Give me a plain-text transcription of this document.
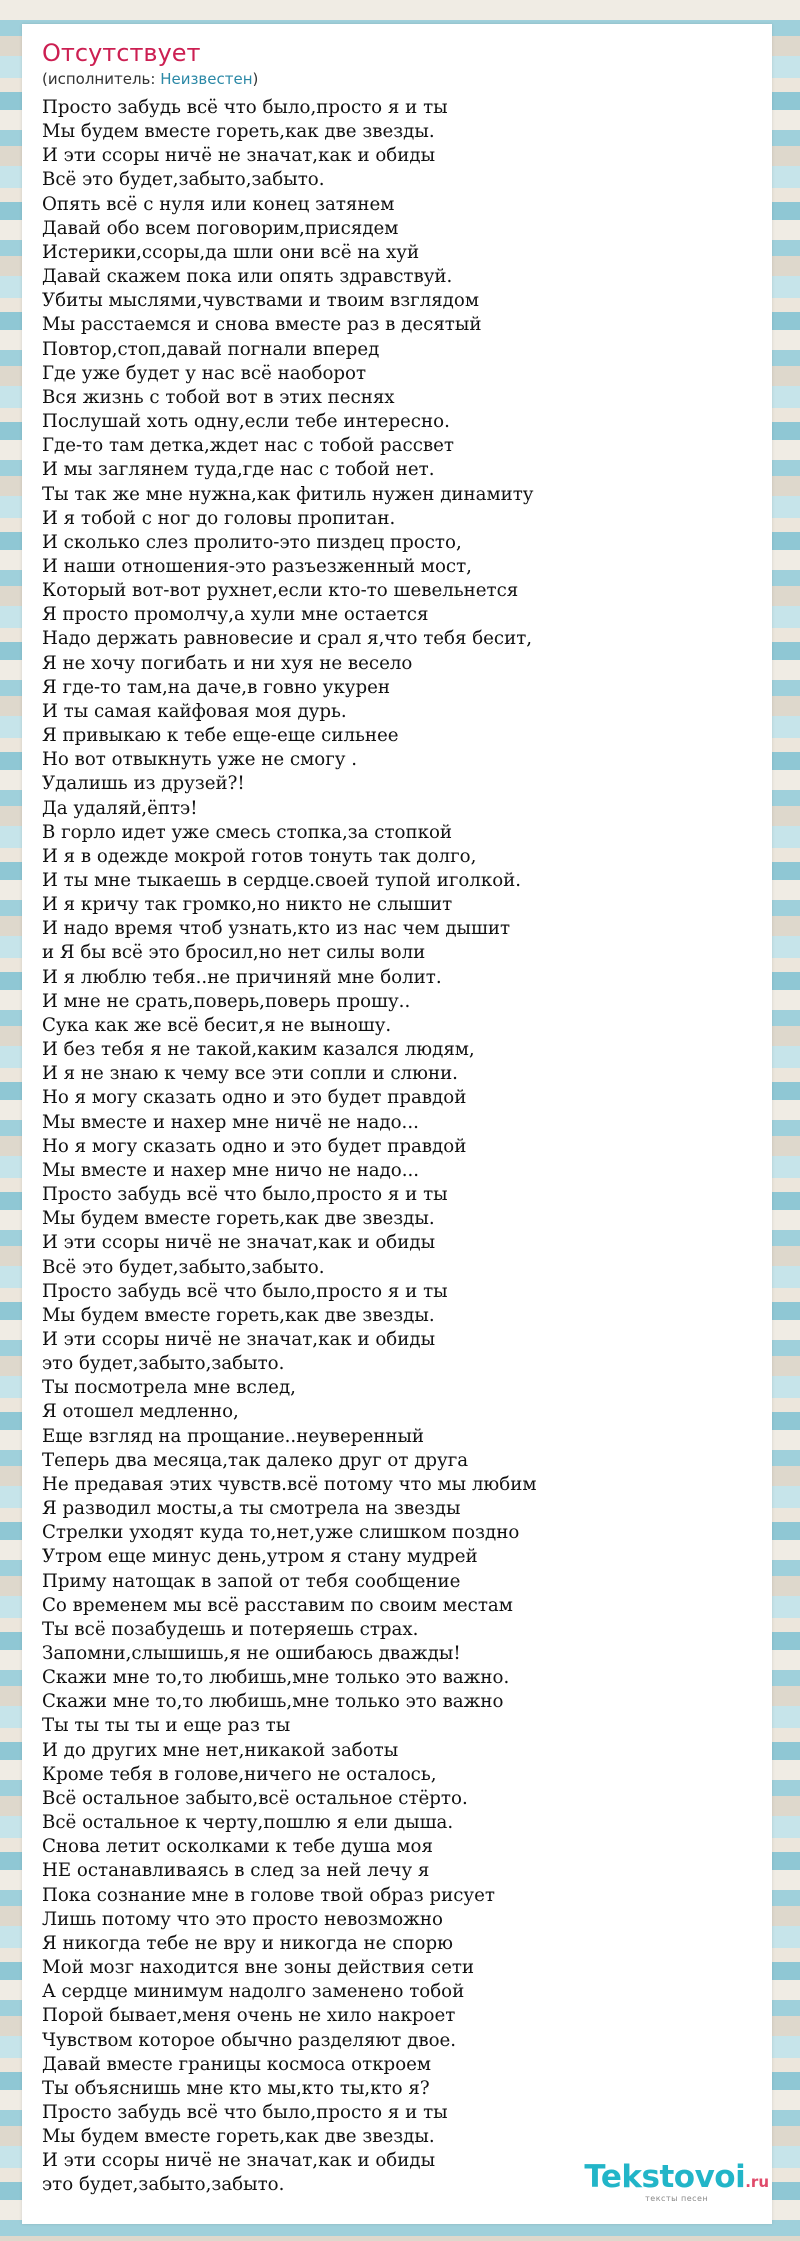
Отсутствует
(исполнитель: Неизвестен)
Просто забудь всё что было,просто я и ты
Мы будем вместе гореть,как две звезды.
И эти ссоры ничё не значат,как и обиды
Всё это будет,забыто,забыто.
Опять всё с нуля или конец затянем
Давай обо всем поговорим,присядем
Истерики,ссоры,да шли они всё на хуй
Давай скажем пока или опять здравствуй.
Убиты мыслями,чувствами и твоим взглядом
Мы расстаемся и снова вместе раз в десятый
Повтор,стоп,давай погнали вперед
Где уже будет у нас всё наоборот
Вся жизнь с тобой вот в этих песнях
Послушай хоть одну,если тебе интересно.
Где-то там детка,ждет нас с тобой рассвет
И мы заглянем туда,где нас с тобой нет.
Ты так же мне нужна,как фитиль нужен динамиту
И я тобой с ног до головы пропитан.
И сколько слез пролито-это пиздец просто,
И наши отношения-это разъезженный мост,
Который вот-вот рухнет,если кто-то шевельнется
Я просто промолчу,а хули мне остается
Надо держать равновесие и срал я,что тебя бесит,
Я не хочу погибать и ни хуя не весело
Я где-то там,на даче,в говно укурен
И ты самая кайфовая моя дурь.
Я привыкаю к тебе еще-еще сильнее
Но вот отвыкнуть уже не смогу .
Удалишь из друзей?!
Да удаляй,ёптэ!
В горло идет уже смесь стопка,за стопкой
И я в одежде мокрой готов тонуть так долго,
И ты мне тыкаешь в сердце.своей тупой иголкой.
И я кричу так громко,но никто не слышит
И надо время чтоб узнать,кто из нас чем дышит
и Я бы всё это бросил,но нет силы воли
И я люблю тебя..не причиняй мне болит.
И мне не срать,поверь,поверь прошу..
Сука как же всё бесит,я не выношу.
И без тебя я не такой,каким казался людям,
И я не знаю к чему все эти сопли и слюни.
Но я могу сказать одно и это будет правдой
Мы вместе и нахер мне ничё не надо...
Но я могу сказать одно и это будет правдой
Мы вместе и нахер мне ничо не надо...
Просто забудь всё что было,просто я и ты
Мы будем вместе гореть,как две звезды.
И эти ссоры ничё не значат,как и обиды
Всё это будет,забыто,забыто.
Просто забудь всё что было,просто я и ты
Мы будем вместе гореть,как две звезды.
И эти ссоры ничё не значат,как и обиды
это будет,забыто,забыто.
Ты посмотрела мне вслед,
Я отошел медленно,
Еще взгляд на прощание..неуверенный
Теперь два месяца,так далеко друг от друга
Не предавая этих чувств.всё потому что мы любим
Я разводил мосты,а ты смотрела на звезды
Стрелки уходят куда то,нет,уже слишком поздно
Утром еще минус день,утром я стану мудрей
Приму натощак в запой от тебя сообщение
Со временем мы всё расставим по своим местам
Ты всё позабудешь и потеряешь страх.
Запомни,слышишь,я не ошибаюсь дважды!
Скажи мне то,то любишь,мне только это важно.
Скажи мне то,то любишь,мне только это важно
Ты ты ты ты и еще раз ты
И до других мне нет,никакой заботы
Кроме тебя в голове,ничего не осталось,
Всё остальное забыто,всё остальное стёрто.
Всё остальное к черту,пошлю я ели дыша.
Снова летит осколками к тебе душа моя
НЕ останавливаясь в след за ней лечу я
Пока сознание мне в голове твой образ рисует
Лишь потому что это просто невозможно
Я никогда тебе не вру и никогда не спорю
Мой мозг находится вне зоны действия сети
А сердце минимум надолго заменено тобой
Порой бывает,меня очень не хило накроет
Чувством которое обычно разделяют двое.
Давай вместе границы космоса откроем
Ты объяснишь мне кто мы,кто ты,кто я?
Просто забудь всё что было,просто я и ты
Мы будем вместе гореть,как две звезды.
И эти ссоры ничё не значат,как и обиды
это будет,забыто,забыто.	Tekstovoi.ru
тексты песен
